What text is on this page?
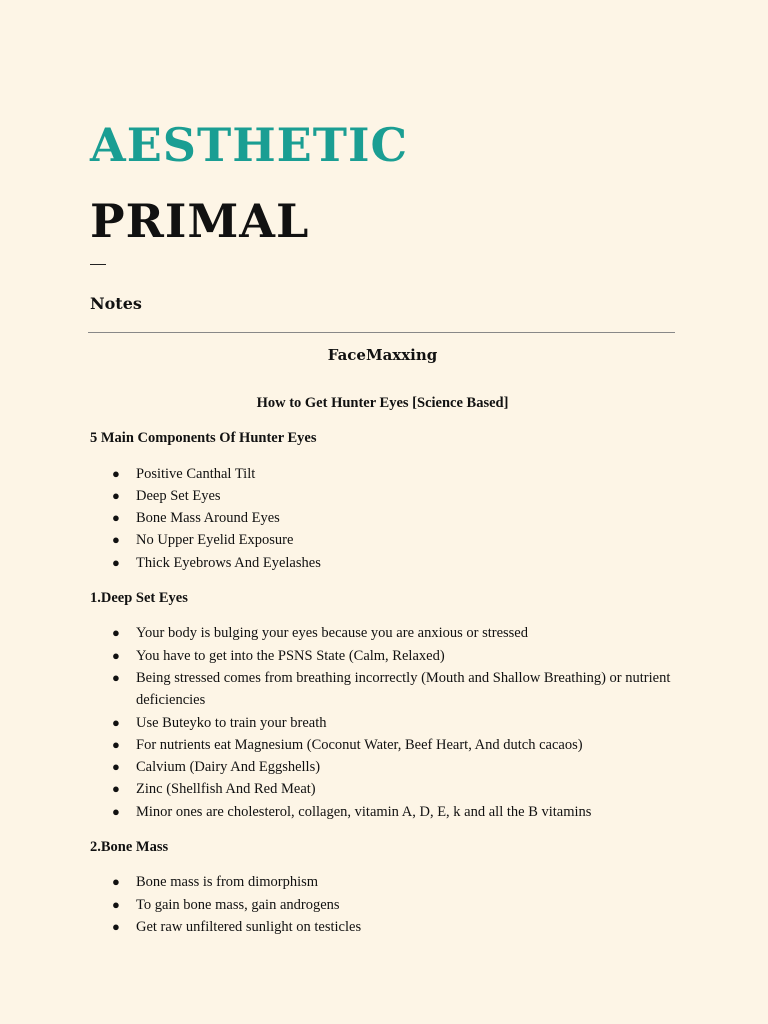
AESTHETIC
PRIMAL
Notes
FaceMaxxing
How to Get Hunter Eyes [Science Based]
5 Main Components Of Hunter Eyes
● Positive Canthal Tilt
● Deep Set Eyes
● Bone Mass Around Eyes
● No Upper Eyelid Exposure
● Thick Eyebrows And Eyelashes
1.Deep Set Eyes
● Your body is bulging your eyes because you are anxious or stressed
● You have to get into the PSNS State (Calm, Relaxed)
● Being stressed comes from breathing incorrectly (Mouth and Shallow Breathing) or nutrient deficiencies
● Use Buteyko to train your breath
● For nutrients eat Magnesium (Coconut Water, Beef Heart, And dutch cacaos)
● Calvium (Dairy And Eggshells)
● Zinc (Shellfish And Red Meat)
● Minor ones are cholesterol, collagen, vitamin A, D, E, k and all the B vitamins
2.Bone Mass
● Bone mass is from dimorphism
● To gain bone mass, gain androgens
● Get raw unfiltered sunlight on testicles
